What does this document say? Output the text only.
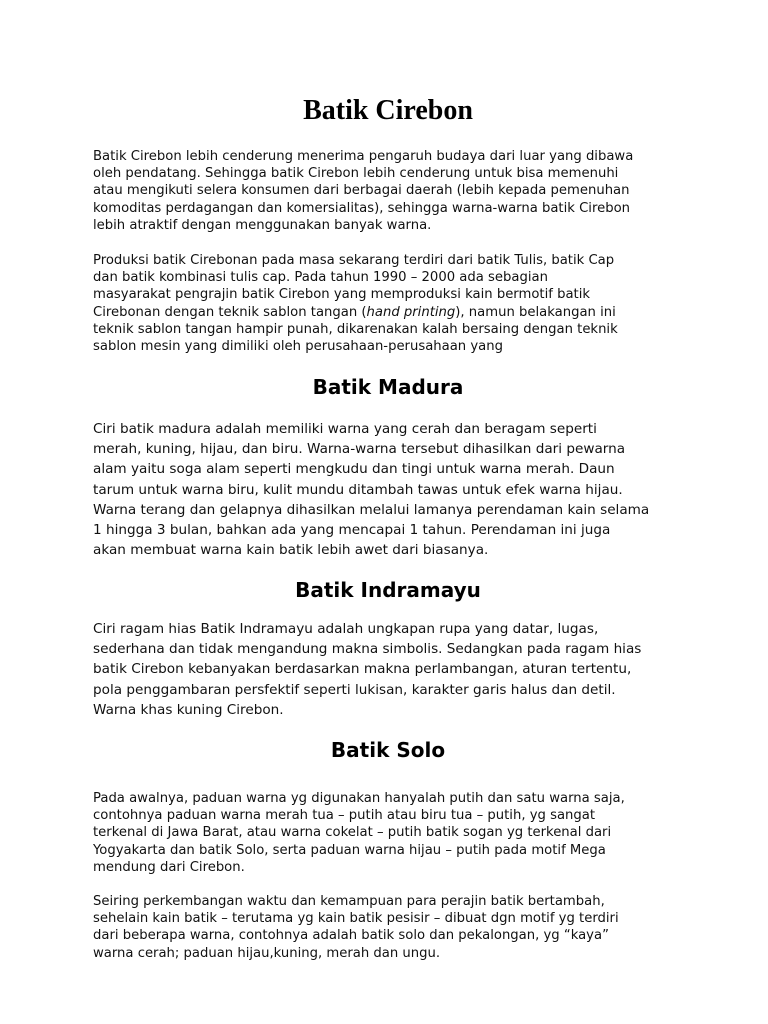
Batik Cirebon

Batik Cirebon lebih cenderung menerima pengaruh budaya dari luar yang dibawa
oleh pendatang. Sehingga batik Cirebon lebih cenderung untuk bisa memenuhi
atau mengikuti selera konsumen dari berbagai daerah (lebih kepada pemenuhan
komoditas perdagangan dan komersialitas), sehingga warna-warna batik Cirebon
lebih atraktif dengan menggunakan banyak warna.

Produksi batik Cirebonan pada masa sekarang terdiri dari batik Tulis, batik Cap
dan batik kombinasi tulis cap. Pada tahun 1990 – 2000 ada sebagian
masyarakat pengrajin batik Cirebon yang memproduksi kain bermotif batik
Cirebonan dengan teknik sablon tangan (hand printing), namun belakangan ini
teknik sablon tangan hampir punah, dikarenakan kalah bersaing dengan teknik
sablon mesin yang dimiliki oleh perusahaan-perusahaan yang

Batik Madura

Ciri batik madura adalah memiliki warna yang cerah dan beragam seperti
merah, kuning, hijau, dan biru. Warna-warna tersebut dihasilkan dari pewarna
alam yaitu soga alam seperti mengkudu dan tingi untuk warna merah. Daun
tarum untuk warna biru, kulit mundu ditambah tawas untuk efek warna hijau.
Warna terang dan gelapnya dihasilkan melalui lamanya perendaman kain selama
1 hingga 3 bulan, bahkan ada yang mencapai 1 tahun. Perendaman ini juga
akan membuat warna kain batik lebih awet dari biasanya.

Batik Indramayu

Ciri ragam hias Batik Indramayu adalah ungkapan rupa yang datar, lugas,
sederhana dan tidak mengandung makna simbolis. Sedangkan pada ragam hias
batik Cirebon kebanyakan berdasarkan makna perlambangan, aturan tertentu,
pola penggambaran persfektif seperti lukisan, karakter garis halus dan detil.
Warna khas kuning Cirebon.

Batik Solo

Pada awalnya, paduan warna yg digunakan hanyalah putih dan satu warna saja,
contohnya paduan warna merah tua – putih atau biru tua – putih, yg sangat
terkenal di Jawa Barat, atau warna cokelat – putih batik sogan yg terkenal dari
Yogyakarta dan batik Solo, serta paduan warna hijau – putih pada motif Mega
mendung dari Cirebon.

Seiring perkembangan waktu dan kemampuan para perajin batik bertambah,
sehelain kain batik – terutama yg kain batik pesisir – dibuat dgn motif yg terdiri
dari beberapa warna, contohnya adalah batik solo dan pekalongan, yg “kaya”
warna cerah; paduan hijau,kuning, merah dan ungu.
